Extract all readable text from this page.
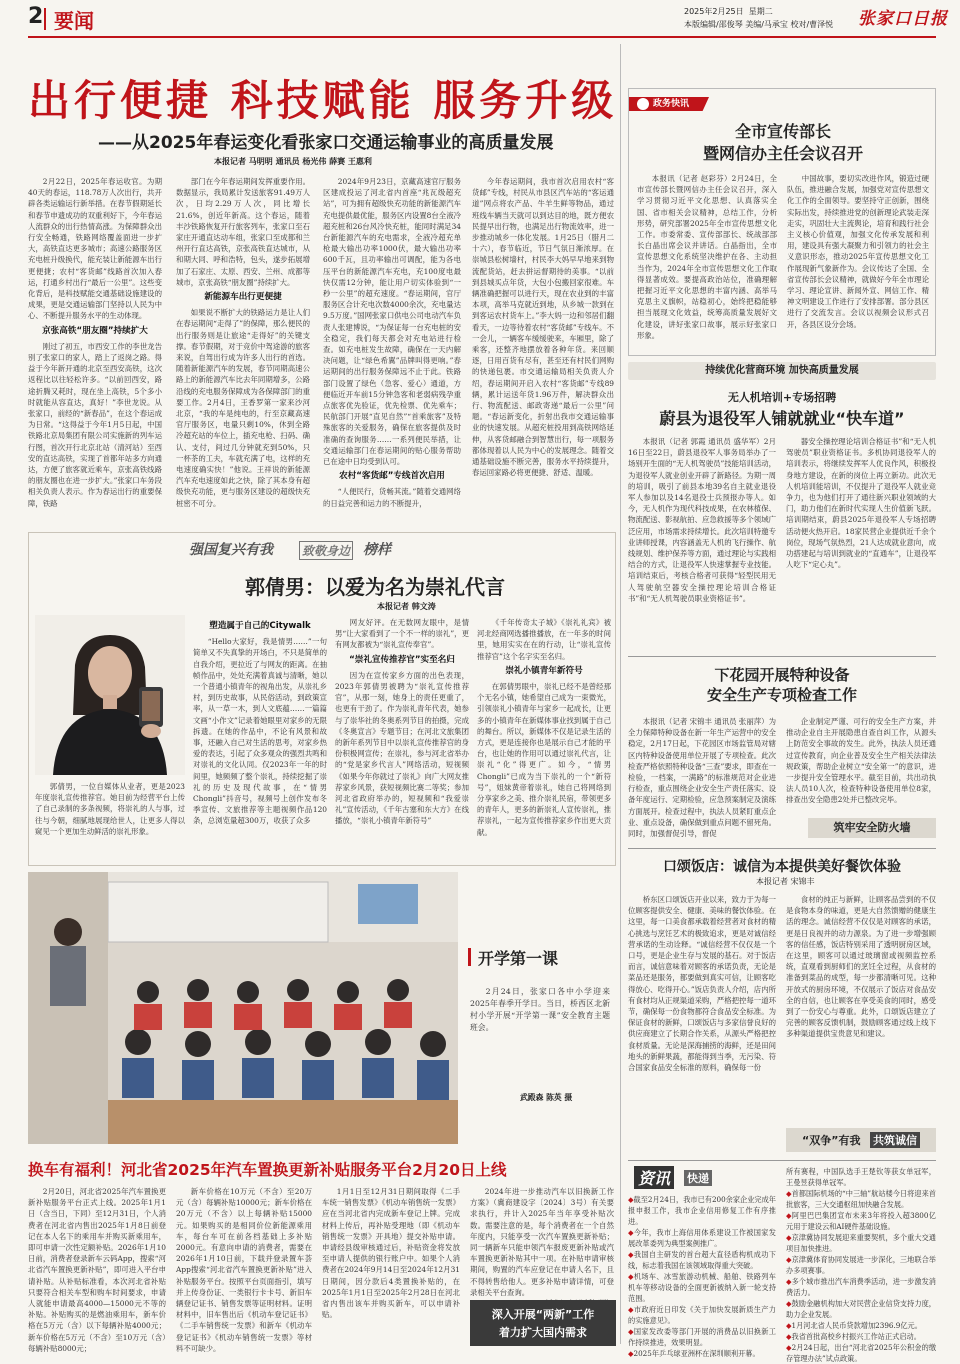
2 要闻	2025年2月25日 星期二
本版编辑/邵俊琴 美编/马承宝 校对/曹泽悦 张家口日报
出行便捷 科技赋能 服务升级
——从2025年春运变化看张家口交通运输事业的高质量发展
本报记者 马明明 通讯员 杨光伟 薛赛 王惠利

2月22日，2025年春运收官。为期40天的春运，118.78万人次出行，共开辟各类运输运行新举措。在春节假期延长和春节申遗成功的双重利好下，今年春运人流群众的出行热情高涨。为保障群众出行安全畅通，铁路网络覆盖面进一步扩大，高铁直达更多城市；高速公路服务区充电桩升级换代，能充装让新能源车出行更便捷；农村“客货邮”线路首次加入春运，打通乡村出行“最后一公里”。这些变化背后，是科技赋能交通基础设施建设的成果，更是交通运输部门坚持以人民为中心、不断提升服务水平的生动体现。

京张高铁“朋友圈”持续扩大

刚过了初五，市西安工作的李世龙告别了张家口的家人，踏上了返岗之路。得益于今年新开通的北京至西安高铁，这次返程比以往轻松许多。“以前回西安，路途折腾又耗时，现在坐上高铁，5个多小时就能从容直达，真好！”李世龙说。从张家口，前经的“新春品”，在这个春运成为日常。“这得益于今年1月5日起，中国铁路北京局集团有限公司实施新的列车运行图，首次开行北京北站（清河站）至西安的直达高铁，实现了首都年站多方向通达，方便了旅客就近乘车，京张高铁线路的朋友圈也在进一步扩大。”张家口车务段相关负责人表示。作为春运出行的重要保障，铁路

部门在今年春运期间发挥重要作用。数据显示，我局累计发送旅客91.49万人次，日均2.29万人次，同比增长21.6%，创近年新高。这个春运，随着丰沙铁路恢复开行旅客列车，张家口至石家庄开通直达动车组，张家口至成都和兰州开行直达高铁，京张高铁直达城市，从和期大同、呼和浩特，包头，遂步拓展增加了石家庄、太原、西安、兰州、成都等城市，京张高铁“朋友圈”持续扩大。

新能源车出行更便捷

如果说不断扩大的铁路运力是让人们在春运期间“走得了”的保障，那么便民的出行服务则是让旅途“走得好”的关键支撑。春节假期，对于竞价中驾途游的旅客来说，自驾出行成为许多人出行的首选。随着新能源汽车的发展，春节同期高速公路上的新能源汽车比去年同期增多，公路沿线的充电服务保障成为各保障部门的重要工作。2月4日，王香罗第一家来沙河北京，“我的车是纯电的，行至京藏高速官厅服务区，电量只剩10%，休到全路冷超充站的车位上，插充电枪、扫码、确认、支付，间过几分钟就充到50%，只一杯茶的工夫，车就充满了电，这样的充电速度确实快！”他说。王祥说的新能源汽车充电速度如此之快，除了其本身有超级快充功能，更与服务区建设的超级快充桩密不可分。

2024年9月23日，京藏高速官厅服务区建成投运了河北省内首座“兆瓦级超充站”，可为拥有超级快充功能的新能源汽车充电提供最优能，服务区内设置8台全液冷超充桩和26台风冷快充桩，能同时满足34台新能源汽车的充电需求，全液冷超充单枪最大输出功率1000伏，最大输出功率600千瓦，且功率输出可调配，能为各电压平台的新能源汽车充电，充100度电最快仅需12分钟，能让用户切实体验到“一秒一公里”的超充速度。“春运期间，官厅服务区合计充电次数4000余次，充电量达9.5万度。”国网张家口供电公司电动汽车负责人张建博说，“为保证每一台充电桩的安全稳定，我们每天都会对充电站进行检查。如充电桩发生故障，确保在一天内解决问题，让“绿色希翼”品牌叫得更响。”春运期间的出行服务保障远不止于此。铁路部门设置了绿色（急客、爱心）通道，方便临近开车前15分钟急客和老弱病残孕重点旅客优先验证，优先检票、优先乘车；民航部门开展“直见自然”“首乘旅客”及特殊旅客的关爱服务，确保在旅客提供及时准确的查询服务……一系列便民举措，让交通运输部门在春运期间的贴心服务帮助已在途中日均受到认可。

农村“客货邮”专线首次启用

“人便民行，货畅其流。”随着交通网络的日益完善和运力的不断提升，

今年春运期间，我市首次启用农村“客货邮”专线，村民从市县区汽车站的“客运通道”网点将农产品、牛羊生鲜等物品，通过班线车辆当天就可以到达目的地，既方便农民提早出行物，也满足出行物流效率，进一步推动城乡一体化发展。1月25日（腊月二十六），春节临近，节日气氛日渐浓厚。在崇城县松树墙村，村民李大妈早早地来到物流配货站，赶去拼运督期待的美事。“以前到县城买点年货，大包小包搬回家很难。车辆准确把握可以进行天，现在农业到的丰富本项，高举马克就近到地，从乡城一款到在到客运农村货车上。”李大妈一边和邻居们翻看天，一边等待着农村“客货邮”专线车。不一会儿，一辆客车缓缓驶来，车厢里，除了乘客，还整齐地摆放着各种年货。来回顺逐，日用百货有尽有，甚至还有村民们网购的快递包裹。市交通运输局相关负责人介绍，春运期间开启入农村“客货邮”专线89辆，累计运送年货1.96万件，解决群众出行、物流配送、邮政寄递“最后一公里”问题。“春运新变化，折射出我市交通运输事业的快速发展。从超充桩投用到高铁网络延伸，从客货邮融合到智慧出行，每一项服务都体现着以人民为中心的发展理念。随着交通基础设施不断完善，服务水平持续提升，春运回家路必将更便捷、舒适、温暖。

政务快讯
全市宣传部长
暨网信办主任会议召开

本报讯（记者 赵彩芬）2月24日，全市宣传部长暨网信办主任会议召开，深入学习贯彻习近平文化思想、认真落实全国、省市相关会议精神，总结工作，分析形势，研究部署2025年全市宣传思想文化工作。市委常委、宣传部部长、统战部部长白晶出席会议并讲话。白晶指出，全市宣传思想文化系统坚决维护在各、主动担当作为，2024年全市宣传思想文化工作取得显著成效。要提高政治站位，准确理解把握习近平文化思想的丰富内涵、高举马克思主义旗帜，站稳初心，始终把稳能够担当展现文化效益，统筹高质量发展好文化建设，讲好张家口故事，展示好张家口形象。

中国故事，要切实改进作风，锻造过硬队伍，推进融合发展，加强党对宣传思想文化工作的全面领导。要坚持守正创新，围绕实际出发，持续推进党的创新理论武装走深走实，巩固壮大主流舆论，培育和践行社会主义核心价值观，加强文化传承发展和利用，建设具有强大凝聚力和引领力的社会主义意识形态，推动2025年宣传思想文化工作展现新气象新作为。会议传达了全国、全省宣传部长会议精神，就做好今年全市理论学习、理论宣讲、新闻外宣、网信工作、精神文明建设工作进行了安排部署。部分县区进行了交流发言。会议以视频会议形式召开，各县区设分会场。

持续优化营商环境 加快高质量发展
无人机培训+专场招聘
蔚县为退役军人铺就就业“快车道”

本报讯（记者 郭霞 通讯员 盛华军）2月16日至22日，蔚县退役军人事务局举办了一场别开生面的“无人机驾驶员”技能培训活动，为退役军人就业创业开辟了新路径。为期一周的培训，吸引了前县本地39名自主就业退役军人参加以及14名退役士兵预报办等人。如今，无人机作为现代科技成果，在农林植保、物流配送、影视航拍、应急救援等多个领域广泛应用，市场需求持续增长。此次培训特邀专业讲师授课，内容涵盖无人机的飞行操作、航线规划、维护保养等方面，通过理论与实践相结合的方式，让退役军人快速掌握专业技能。培训结束后，考核合格者可获得“轻型民用无人驾驶航空器安全操控理论培训合格证书”和“无人机驾驶员职业资格证书”。

器安全操控理论培训合格证书”和“无人机驾驶员”职业资格证书。多机协同退役军人的培训表示，将继续发挥军人优良作风，积极投身地方建设，在新的岗位上再立新功。此次无人机培训能培训，不仅提升了退役军人就业竞争力，也为他们打开了通往新兴职业领域的大门，助力他们在新时代实现人生价值新飞跃。培训期结束，蔚县2025年退役军人专场招聘活动便火热开启。18家民营企业提供近千余个岗位，现场气氛热烈，21人达成就业意向，成功搭建起与培训到就业的“直通车”，让退役军人吃下“定心丸”。

下花园开展特种设备
安全生产专项检查工作

本报讯（记者 宋锦丰 通讯员 张丽萍）为全力保障特种设备在新一年生产运营中的安全稳定，2月17日起，下花园区市场监管局对辖区内特种设备使用单位开展了专项检查。此次检查严格依照特种设备“三查”要求，即查在一检验，一档案，一满路”的标准规范对企业进行检查，重点围绕企业安全生产责任落实、设备年度运行、定期检验，应急预案制定及演练方面展开。检查过程中，执法人员紧盯重点企业、重点设备，确保做到重点问题不留死角。同时，加强督促引导，督促

企业制定严谨、可行的安全生产方案，并推动企业自主开展隐患自查自纠工作，从源头上防范安全事故的发生。此外，执法人员还通过宣传教育，向企业普及安全生产相关法律法规政策，帮助企业树立“安全第一”的意识，进一步提升安全管理水平。截至目前，共出动执法人员10人次，检查特种设备使用单位8家，排查出安全隐患2处并已整改完毕。

筑牢安全防火墙
口颂饭店：诚信为本提供美好餐饮体验
本报记者 宋锦丰

桥东区口颂饭店开业以来，致力于为每一位顾客提供安全、健康、美味的餐饮体验。在这里，每一口美食都承载着经营者对食材的精心挑选与烹饪艺术的极致追求，更是对诚信经营承诺的生动诠释。“诚信经营不仅仅是一个口号，更是企业生存与发展的基石。对于饭店而言，诚信意味着对顾客的承诺负责，无论是菜品还是服务，都要做到真实可信，让顾客吃得放心、吃得开心。”饭店负责人介绍，店内所有食材均从正规渠道采购，严格把控每一道环节，确保每一份食物都符合食品安全标准。为保证食材的新鲜，口颂饭店与多家信誉良好的供应商建立了长期合作关系，从源头严格把控食材质量。无论是深海捕捞的海鲜，还是田间地头的新鲜果蔬，都能得到当季，无污染、符合国家食品安全标准的原料，确保每一份

食材的纯正与新鲜，让顾客品尝到的不仅是食物本身的味道，更是大自然馈赠的健康生活的理念。诚信经营不仅仅是对顾客的承诺，更是日良视并的动力源泉。为了进一步增强顾客的信任感，饭店特别采用了透明厨房区域，在这里，顾客可以通过玻璃窗或视频监控系统，直观看到厨师们的烹饪全过程，从食材的准备到菜品的成型，每一步都清晰可见。这种开放式的厨房环境，不仅展示了饭店对食品安全的自信，也让顾客在享受美食的同时，感受到了一份安心与尊重。此外，口颂饭店建立了完善的顾客反馈机制，鼓励顾客通过线上线下多种渠道提供宝贵意见和建议。

“双争”有我 共筑诚信
强国复兴有我 致敬身边 榜样
郭倩男：以爱为名为崇礼代言
本报记者 韩文涛

郭倩男，一位自媒体从业者，更是2023年度崇礼宣传推荐官。她目前为经营平台上传了自己录制的多条视频，将崇礼的人与事，过往与今朝，细腻地展现给世人，让更多人得以窥见一个更加生动鲜活的崇礼形象。

塑造属于自己的Citywalk

“Hello大家好，我是情男……”一句简单又不失真挚的开场白，不只是简单的自我介绍，更拉近了与网友的距离。在抽帧作品中，处处充满着真诚与清晰，她以一个普通小镇青年的视角出发，从崇礼乡村，到历史故事，从民俗活动，到政策宣率，从一草一木，到人文底蕴……一篇篇文画“小作文”记录着她眼里对家乡的无限拆遗。在她的作品中，不论有风景和故事，还融入自己对生活的思考，对家乡热爱的表达，引起了众多观众的强烈共鸣和对崇礼的文化认同。仅2023年一年的时间里，她频频了整个崇礼，持续挖掘了崇礼的历史及现代故事，在“情男Chongli”抖音号，视频号上创作发布冬季宣传、文旅推荐等主题视频作品120条，总浏览量超300万，收获了众多

网友好评。在无数网友眼中，是情男“让大家看到了一个不一样的崇礼”，更有网友都被为“崇礼宣传奉官”。

“崇礼宣传推荐官”实至名归

因为在宣传家乡方面的出色表现，2023年郭倩男被聘为“崇礼宣传推荐官”，从那一刻，她身上的责任更重了，也更有干劲了。作为崇礼青年代表，她参与了崇华社的冬奥系列节目的拍摄，完成《冬奥宣言》专题节目；在河北文旅集团的新年系列节目中以崇礼宣传推荐官的身份积极网宣传；在崇礼，参与河北省举办的“党是家乡代言人”网络活动，短视频《如果今年你就过了崇礼》向广大网友推荐家乡风景，获短视频比赛二等奖；参加河北省政府举办的，短视频和“我爱崇礼”宣传活动，《千年古塞和东大方》在线播放，“崇礼小镇青年新符号”

《千年传奇太子城》《崇礼礼宾》被河北经商网选播推播放，在一年多的时间里，她用实实在在的行动，让“崇礼宣传推荐官”这个名字实至名归。

崇礼小镇青年新符号

在郭倩男眼中，崇礼已经不是曾经那个无名小镇，她希望自己成为一束微光，引领崇礼小镇青年与家乡一起成长，让更多的小镇青年在新媒体事业找到属于自己的舞台。所以，新媒体不仅是记录生活的方式，更是连接你也是展示自己才能的平台，也让她的作用可以通过崇礼代言，让崇礼“化”得更广。如今，“情男Chongli”已成为当下崇礼的一个“新符号”，姐妹黄帝着崇礼，她自己将网络到分享家乡之美、推介崇礼民宿，带领更多的青年人，更多的新崇礼人宣传崇礼，推荐崇礼，一起为宣传推荐家乡作出更大贡献。

开学第一课

2月24日，张家口各中小学迎来2025年春季开学日。当日，桥西区北新村小学开展“开学第一课”安全教育主题班会。

武殿森 陈英 摄
换车有福利！河北省2025年汽车置换更新补贴服务平台2月20日上线

2月20日，河北省2025年汽车置换更新补贴服务平台正式上线。2025年1月1日（含当日，下同）至12月31日，个人消费者在河北省内售出2025年1月8日前登记在本人名下的乘用车并购买新乘用车，即可申请一次性定额补贴。2026年1月10日前，消费者登录新车云码App，搜索“河北省汽车置换更新补贴”，即可进入平台申请补贴。从补贴标准看，本次河北省补贴只要符合相关车型和购车时间要求，申请人就能申请最高4000—15000元不等的补贴。补贴购买的是燃油乘用车，新车价格在5万元（含）以下每辆补贴4000元；新车价格在5万元（不含）至10万元（含）每辆补贴8000元；

新车价格在10万元（不含）至20万元（含）每辆补贴10000元；新车价格在20万元（不含）以上每辆补贴15000元。如果购买的是相同价位新能源乘用车，每台车可在前各档基础上多补贴2000元。有意向申请的消费者，需要在2026年1月10日前，下载并登录置车荟App搜索“河北省汽车置换更新补贴”进入补贴服务平台。按照平台页面指引，填写并上传身份证、一类银行卡卡号、新旧车辆登记证书、销售发票等证明材料。证明材料中，旧车售出后《机动车登记证书》《二手车销售统一发票》和新车《机动车登记证书》《机动车销售统一发票》等材料不可缺少。

1月1日至12月31日期间取得《二手车统一销售发票》《机动车销售统一发票》应在当河北省内完成新车登记上牌。完成材料上传后，再补贴受理地（即《机动车销售统一发票》开具地）提交补贴申请。申请经县级审核通过后，补贴资金将发放至申请人提供的银行账户中。如果个人消费者在2024年9月14日至2024年12月31日期间，因分款后4类置换补贴的，在2025年1月1日至2025年2月28日在河北省内售出该车并购买新车，可以申请补贴。

2024年进一步推动汽车以旧换新工作方案》（冀商建设字〔2024〕3号）有关要求执行，并计入2025年当年享受补贴次数。需要注意的是，每个消费者在一个自然年度内，只能享受一次汽车置换更新补贴；同一辆新车只能申领汽车报废更新补贴或汽车置换更新补贴其中一项。在补贴申请审核期间，购置的汽车应登记在申请人名下，且不得转售给他人。更多补贴申请详情，可登录相关平台查询。

深入开展“两新”工作
着力扩大国内需求
资讯	快递

◆截至2月24日，我市已有200余家企业完成年报申报工作，我市企业信用修复工作有序推进。

◆今年，我市上海信用体系建设工作被国家发展改革委列为典型案例推广。

◆我国自主研发的首台超大直径盾构机成功下线，标志着我国在该领域取得重大突破。

◆机场车、冰雪旅游动机械、船舶、铁路列车机车等移动设备的全面更新被纳入新一轮支持范围。

◆市政府近日印发《关于加快发展新质生产力的实施意见》。

◆国家发改委等部门开展的消费品以旧换新工作持续推进，效果明显。

◆2025年乒乓球亚洲杯在深圳顺利开幕。

所有赛程，中国队选手王楚钦等获女单冠军，王曼昱获得单冠军。

◆首都国际机场的“中三轴”航站楼今日将迎来首批旅客，三大交通枢纽加快融合发展。

◆阿里巴巴集团宣布未来3年将投入超3800亿元用于建设云和AI硬件基础设施。

◆京津冀协同发展迎来重要契机，多个重大交通项目加快推进。

◆京津冀体育协同发展进一步深化，三地联合举办多项赛事。

◆多个城市推出汽车消费季活动，进一步激发消费活力。

◆鼓励金融机构加大对民营企业信贷支持力度，助力企业发展。

◆1月河北省人民币贷款增加2396.9亿元。

◆我省首批高校乡村振兴工作站正式启动。

◆2月24日起，出台“河北省2025年公积金的缴存管理办法”试点政策。
